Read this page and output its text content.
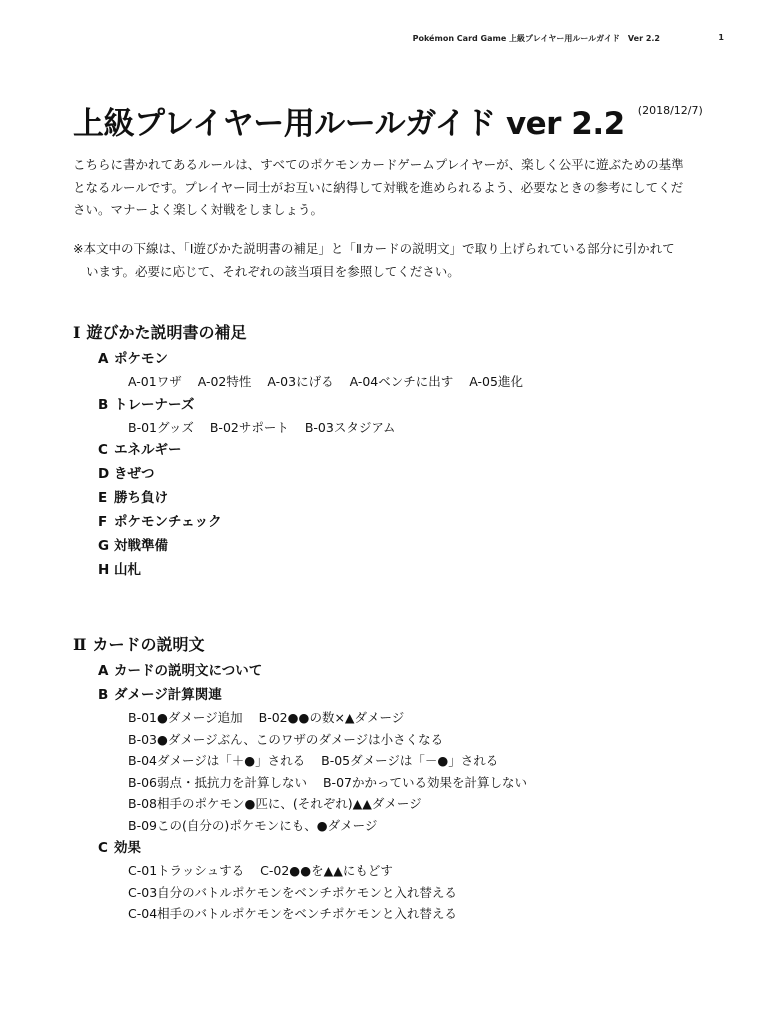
Pokémon Card Game 上級プレイヤー用ルールガイド　Ver 2.2	1
上級プレイヤー用ルールガイド ver 2.2 (2018/12/7)

こちらに書かれてあるルールは、すべてのポケモンカードゲームプレイヤーが、楽しく公平に遊ぶための基準
となるルールです。プレイヤー同士がお互いに納得して対戦を進められるよう、必要なときの参考にしてくだ
さい。マナーよく楽しく対戦をしましょう。

※本文中の下線は、「Ⅰ遊びかた説明書の補足」と「Ⅱカードの説明文」で取り上げられている部分に引かれて
います。必要に応じて、それぞれの該当項目を参照してください。

Ⅰ 遊びかた説明書の補足
A ポケモン
A-01ワザ A-02特性 A-03にげる A-04ベンチに出す A-05進化
B トレーナーズ
B-01グッズ B-02サポート B-03スタジアム
C エネルギー
D きぜつ
E 勝ち負け
F ポケモンチェック
G 対戦準備
H 山札
Ⅱ カードの説明文
A カードの説明文について
B ダメージ計算関連
B-01●ダメージ追加 B-02●●の数×▲ダメージ
B-03●ダメージぶん、このワザのダメージは小さくなる
B-04ダメージは「＋●」される B-05ダメージは「－●」される
B-06弱点・抵抗力を計算しない B-07かかっている効果を計算しない
B-08相手のポケモン●匹に、(それぞれ)▲▲ダメージ
B-09この(自分の)ポケモンにも、●ダメージ
C 効果
C-01トラッシュする C-02●●を▲▲にもどす
C-03自分のバトルポケモンをベンチポケモンと入れ替える
C-04相手のバトルポケモンをベンチポケモンと入れ替える
